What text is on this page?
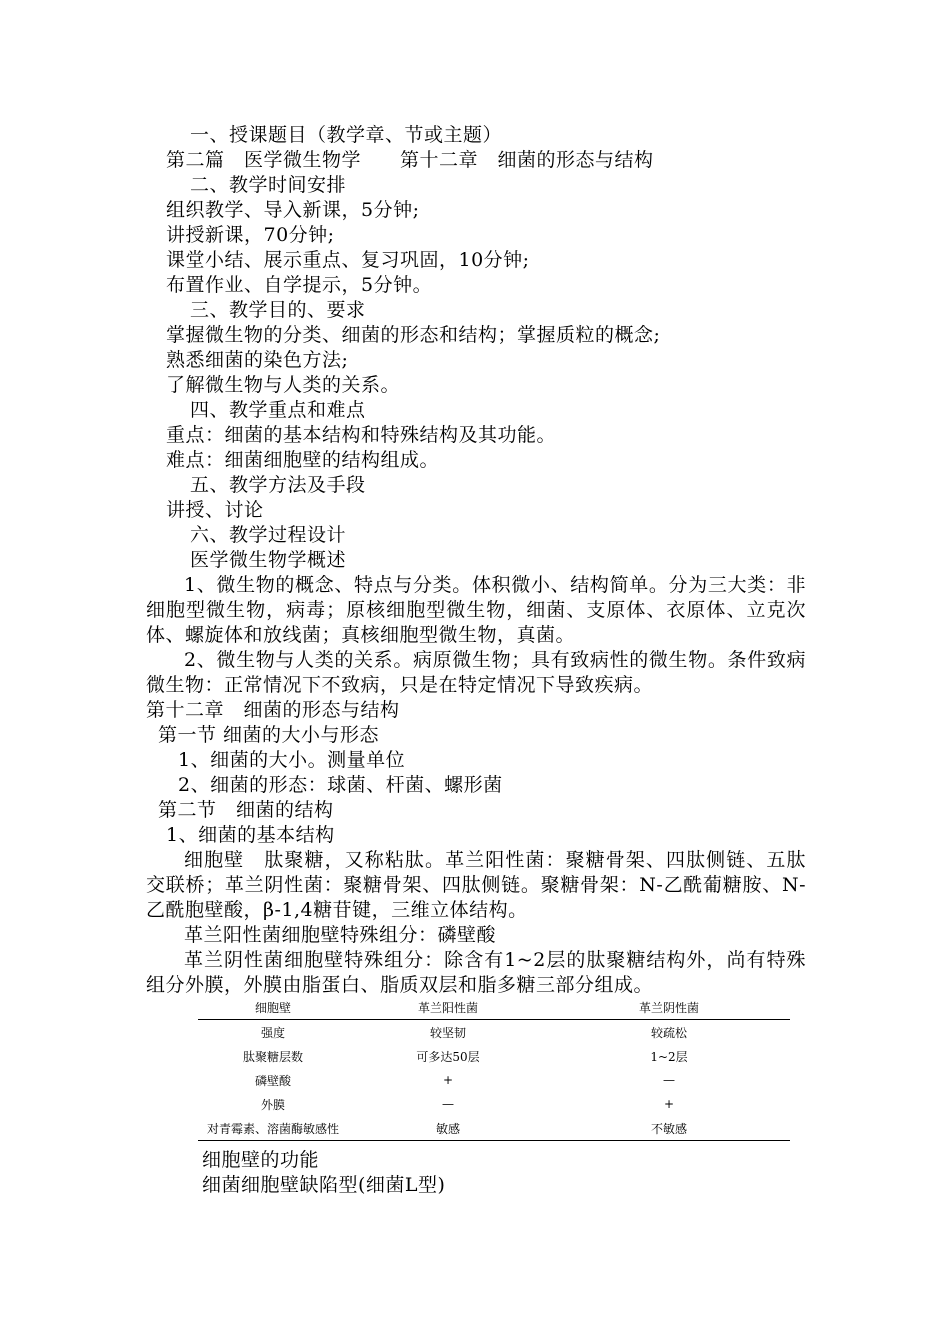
一、授课题目（教学章、节或主题）
第二篇　医学微生物学　　第十二章　细菌的形态与结构
二、教学时间安排
组织教学、导入新课，5分钟;
讲授新课，70分钟;
课堂小结、展示重点、复习巩固，10分钟;
布置作业、自学提示，5分钟。
三、教学目的、要求
掌握微生物的分类、细菌的形态和结构；掌握质粒的概念;
熟悉细菌的染色方法;
了解微生物与人类的关系。
四、教学重点和难点
重点：细菌的基本结构和特殊结构及其功能。
难点：细菌细胞壁的结构组成。
五、教学方法及手段
讲授、讨论
六、教学过程设计
医学微生物学概述
1、微生物的概念、特点与分类。体积微小、结构简单。分为三大类：非细胞型微生物，病毒；原核细胞型微生物，细菌、支原体、衣原体、立克次体、螺旋体和放线菌；真核细胞型微生物，真菌。
2、微生物与人类的关系。病原微生物；具有致病性的微生物。条件致病微生物：正常情况下不致病，只是在特定情况下导致疾病。
第十二章　细菌的形态与结构
第一节 细菌的大小与形态
1、细菌的大小。测量单位
2、细菌的形态：球菌、杆菌、螺形菌
第二节　细菌的结构
1、细菌的基本结构
细胞壁　肽聚糖，又称粘肽。革兰阳性菌：聚糖骨架、四肽侧链、五肽交联桥；革兰阴性菌：聚糖骨架、四肽侧链。聚糖骨架：N-乙酰葡糖胺、N-乙酰胞壁酸，β-1,4糖苷键，三维立体结构。
革兰阳性菌细胞壁特殊组分：磷壁酸
革兰阴性菌细胞壁特殊组分：除含有1~2层的肽聚糖结构外，尚有特殊组分外膜，外膜由脂蛋白、脂质双层和脂多糖三部分组成。
细胞壁	革兰阳性菌	革兰阴性菌
强度	较坚韧	较疏松
肽聚糖层数	可多达50层	1~2层
磷壁酸	+	—
外膜	—	+
对青霉素、溶菌酶敏感性	敏感	不敏感
细胞壁的功能
细菌细胞壁缺陷型(细菌L型)
